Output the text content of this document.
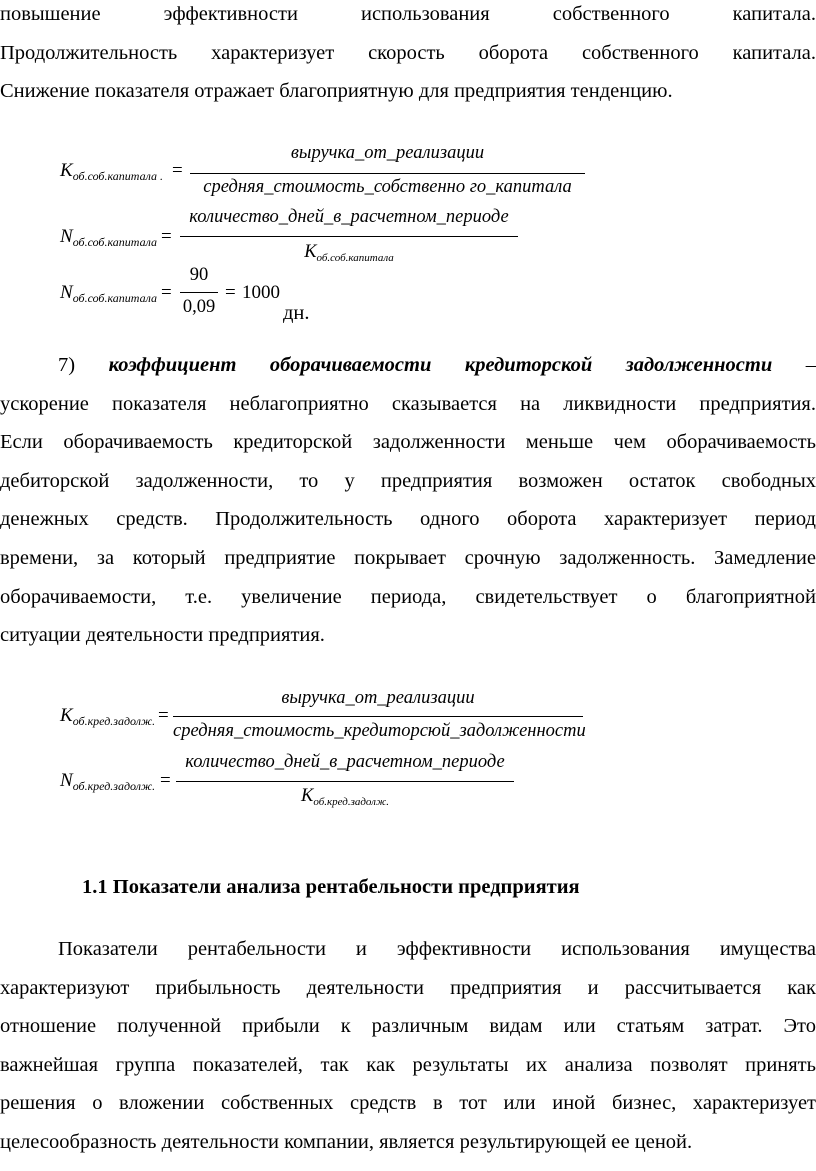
повышение эффективности использования собственного капитала.
Продолжительность характеризует скорость оборота собственного капитала.
Снижение показателя отражает благоприятную для предприятия тенденцию.
$K_{об.соб.капитала .}$ =
выручка_от_реализации
средняя_стоимость_собственно го_капитала
$N_{об.соб.капитала}$ =
количество_дней_в_расчетном_периоде
$K_{об.соб.капитала}$
$N_{об.соб.капитала}$ =
90
0,09
= 1000
дн.
7) коэффициент оборачиваемости кредиторской задолженности –
ускорение показателя неблагоприятно сказывается на ликвидности предприятия.
Если оборачиваемость кредиторской задолженности меньше чем оборачиваемость
дебиторской задолженности, то у предприятия возможен остаток свободных
денежных средств. Продолжительность одного оборота характеризует период
времени, за который предприятие покрывает срочную задолженность. Замедление
оборачиваемости, т.е. увеличение периода, свидетельствует о благоприятной
ситуации деятельности предприятия.
$K_{об.кред.задолж.}$ =
выручка_от_реализации
средняя_стоимость_кредиторсюй_задолженности
$N_{об.кред.задолж.}$ =
количество_дней_в_расчетном_периоде
$K_{об.кред.задолж.}$
1.1 Показатели анализа рентабельности предприятия
Показатели рентабельности и эффективности использования имущества
характеризуют прибыльность деятельности предприятия и рассчитывается как
отношение полученной прибыли к различным видам или статьям затрат. Это
важнейшая группа показателей, так как результаты их анализа позволят принять
решения о вложении собственных средств в тот или иной бизнес, характеризует
целесообразность деятельности компании, является результирующей ее ценой.
